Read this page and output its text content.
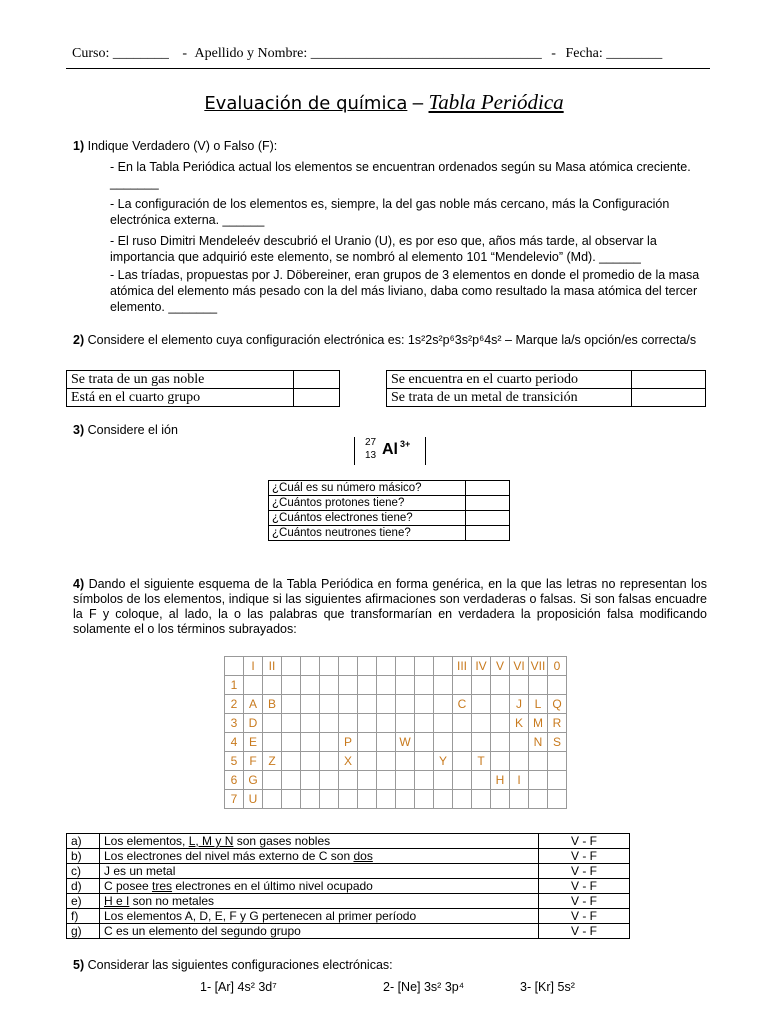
Curso: ________ - Apellido y Nombre: _________________________________ - Fecha: ________
Evaluación de química – Tabla Periódica
1) Indique Verdadero (V) o Falso (F):
- En la Tabla Periódica actual los elementos se encuentran ordenados según su Masa atómica creciente. _______
- La configuración de los elementos es, siempre, la del gas noble más cercano, más la Configuración electrónica externa. ______
- El ruso Dimitri Mendeleév descubrió el Uranio (U), es por eso que, años más tarde, al observar la importancia que adquirió este elemento, se nombró al elemento 101 “Mendelevio” (Md). ______
- Las tríadas, propuestas por J. Döbereiner, eran grupos de 3 elementos en donde el promedio de la masa atómica del elemento más pesado con la del más liviano, daba como resultado la masa atómica del tercer elemento. _______
2) Considere el elemento cuya configuración electrónica es: 1s²2s²p⁶3s²p⁶4s² – Marque la/s opción/es correcta/s
Se trata de un gas noble	
Está en el cuarto grupo	
Se encuentra en el cuarto periodo	
Se trata de un metal de transición	
3) Considere el ión
27
13 Al 3+
¿Cuál es su número másico?	
¿Cuántos protones tiene?	
¿Cuántos electrones tiene?	
¿Cuántos neutrones tiene?	
4) Dando el siguiente esquema de la Tabla Periódica en forma genérica, en la que las letras no representan los símbolos de los elementos, indique si las siguientes afirmaciones son verdaderas o falsas. Si son falsas encuadre la F y coloque, al lado, la o las palabras que transformarían en verdadera la proposición falsa modificando solamente el o los términos subrayados:
	I	II										III	IV	V	VI	VII	0
1																	
2	A	B										C			J	L	Q
3	D														K	M	R
4	E					P			W							N	S
5	F	Z				X					Y		T				
6	G													H	I		
7	U																
a)	Los elementos, L, M y N son gases nobles	V - F
b)	Los electrones del nivel más externo de C son dos	V - F
c)	J es un metal	V - F
d)	C posee tres electrones en el último nivel ocupado	V - F
e)	H e I son no metales	V - F
f)	Los elementos A, D, E, F y G pertenecen al primer período	V - F
g)	C es un elemento del segundo grupo	V - F
5) Considerar las siguientes configuraciones electrónicas:
1- [Ar] 4s² 3d⁷	2- [Ne] 3s² 3p⁴	3- [Kr] 5s²
